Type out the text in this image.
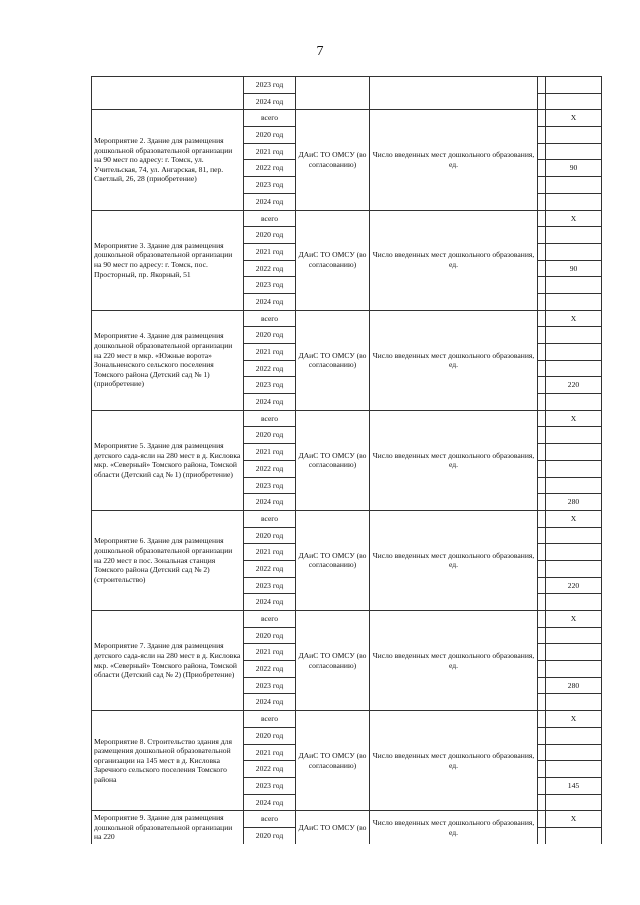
7
	2023 год				
	2024 год				
Мероприятие 2. Здание для размещения дошкольной образовательной организации на 90 мест по адресу: г. Томск, ул. Учительская, 74, ул. Ангарская, 81, пер. Светлый, 26, 28 (приобретение)	всего	ДАиС ТО ОМСУ (во согласованию)	Число введенных мест дошкольного образования, ед.		X
	2020 год				
	2021 год				
	2022 год				90
	2023 год				
	2024 год				
Мероприятие 3. Здание для размещения дошкольной образовательной организации на 90 мест по адресу: г. Томск, пос. Просторный, пр. Якорный, 51	всего	ДАиС ТО ОМСУ (во согласованию)	Число введенных мест дошкольного образования, ед.		X
	2020 год				
	2021 год				
	2022 год				90
	2023 год				
	2024 год				
Мероприятие 4. Здание для размещения дошкольной образовательной организации на 220 мест в мкр. «Южные ворота» Зональненского сельского поселения Томского района (Детский сад № 1) (приобретение)	всего	ДАиС ТО ОМСУ (во согласованию)	Число введенных мест дошкольного образования, ед.		X
	2020 год				
	2021 год				
	2022 год				
	2023 год				220
	2024 год				
Мероприятие 5. Здание для размещения детского сада-ясли на 280 мест в д. Кисловка мкр. «Северный» Томского района, Томской области (Детский сад № 1) (приобретение)	всего	ДАиС ТО ОМСУ (во согласованию)	Число введенных мест дошкольного образования, ед.		X
	2020 год				
	2021 год				
	2022 год				
	2023 год				
	2024 год				280
Мероприятие 6. Здание для размещения дошкольной образовательной организации на 220 мест в пос. Зональная станция Томского района (Детский сад № 2) (строительство)	всего	ДАиС ТО ОМСУ (во согласованию)	Число введенных мест дошкольного образования, ед.		X
	2020 год				
	2021 год				
	2022 год				
	2023 год				220
	2024 год				
Мероприятие 7. Здание для размещения детского сада-ясли на 280 мест в д. Кисловка мкр. «Северный» Томского района, Томской области (Детский сад № 2) (Приобретение)	всего	ДАиС ТО ОМСУ (во согласованию)	Число введенных мест дошкольного образования, ед.		X
	2020 год				
	2021 год				
	2022 год				
	2023 год				280
	2024 год				
Мероприятие 8. Строительство здания для размещения дошкольной образовательной организации на 145 мест в д. Кисловка Заречного сельского поселения Томского района	всего	ДАиС ТО ОМСУ (во согласованию)	Число введенных мест дошкольного образования, ед.		X
	2020 год				
	2021 год				
	2022 год				
	2023 год				145
	2024 год				
Мероприятие 9. Здание для размещения дошкольной образовательной организации на 220	всего	ДАиС ТО ОМСУ (во	Число введенных мест дошкольного образования, ед.		X
	2020 год				
